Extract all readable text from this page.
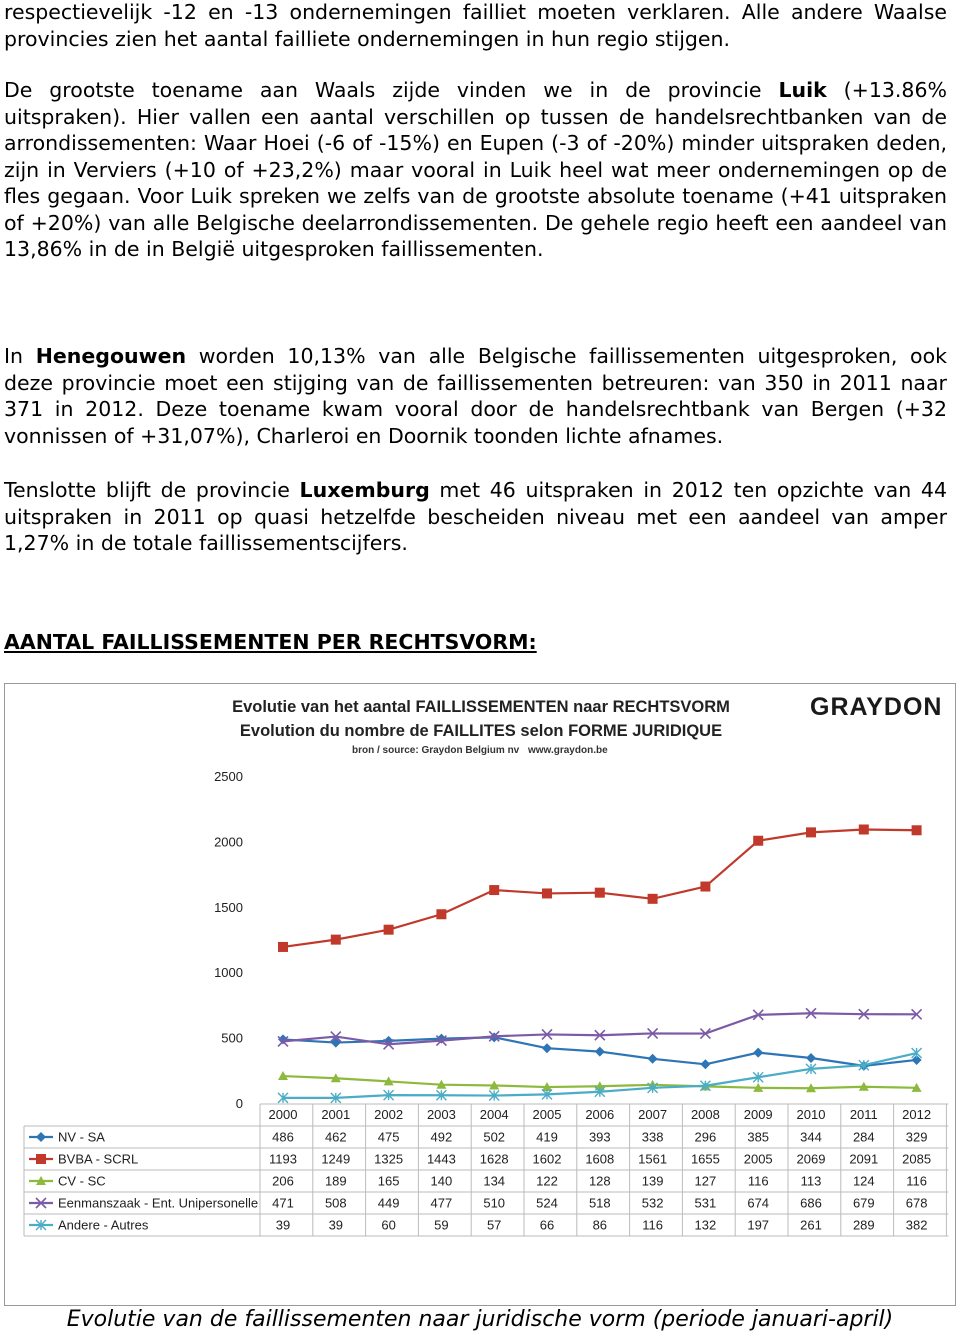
respectievelijk -12 en -13 ondernemingen failliet moeten verklaren. Alle andere Waalse provincies zien het aantal failliete ondernemingen in hun regio stijgen.

De grootste toename aan Waals zijde vinden we in de provincie Luik (+13.86% uitspraken). Hier vallen een aantal verschillen op tussen de handelsrechtbanken van de arrondissementen: Waar Hoei (-6 of -15%) en Eupen (-3 of -20%) minder uitspraken deden, zijn in Verviers (+10 of +23,2%) maar vooral in Luik heel wat meer ondernemingen op de fles gegaan. Voor Luik spreken we zelfs van de grootste absolute toename (+41 uitspraken of +20%) van alle Belgische deelarrondissementen. De gehele regio heeft een aandeel van 13,86% in de in België uitgesproken faillissementen.

In Henegouwen worden 10,13% van alle Belgische faillissementen uitgesproken, ook deze provincie moet een stijging van de faillissementen betreuren: van 350 in 2011 naar 371 in 2012. Deze toename kwam vooral door de handelsrechtbank van Bergen (+32 vonnissen of +31,07%), Charleroi en Doornik toonden lichte afnames.

Tenslotte blijft de provincie Luxemburg met 46 uitspraken in 2012 ten opzichte van 44 uitspraken in 2011 op quasi hetzelfde bescheiden niveau met een aandeel van amper 1,27% in de totale faillissementscijfers.

AANTAL FAILLISSEMENTEN PER RECHTSVORM:

Evolutie van het aantal FAILLISSEMENTEN naar RECHTSVORM
Evolution du nombre de FAILLITES selon FORME JURIDIQUE
bron / source: Graydon Belgium nv www.graydon.be
GRAYDON
0
500
1000
1500
2000
2500
2000 2001 2002 2003 2004 2005 2006 2007 2008 2009 2010 2011 2012
NV - SA	486 462 475 492 502 419 393 338 296 385 344 284 329
BVBA - SCRL	1193 1249 1325 1443 1628 1602 1608 1561 1655 2005 2069 2091 2085
CV - SC	206 189 165 140 134 122 128 139 127 116 113 124 116
Eenmanszaak - Ent. Unipersonelle 471 508 449 477 510 524 518 532 531 674 686 679 678
Andere - Autres	39	39	60	59	57	66	86	116 132 197 261 289 382

Evolutie van de faillissementen naar juridische vorm (periode januari-april)
